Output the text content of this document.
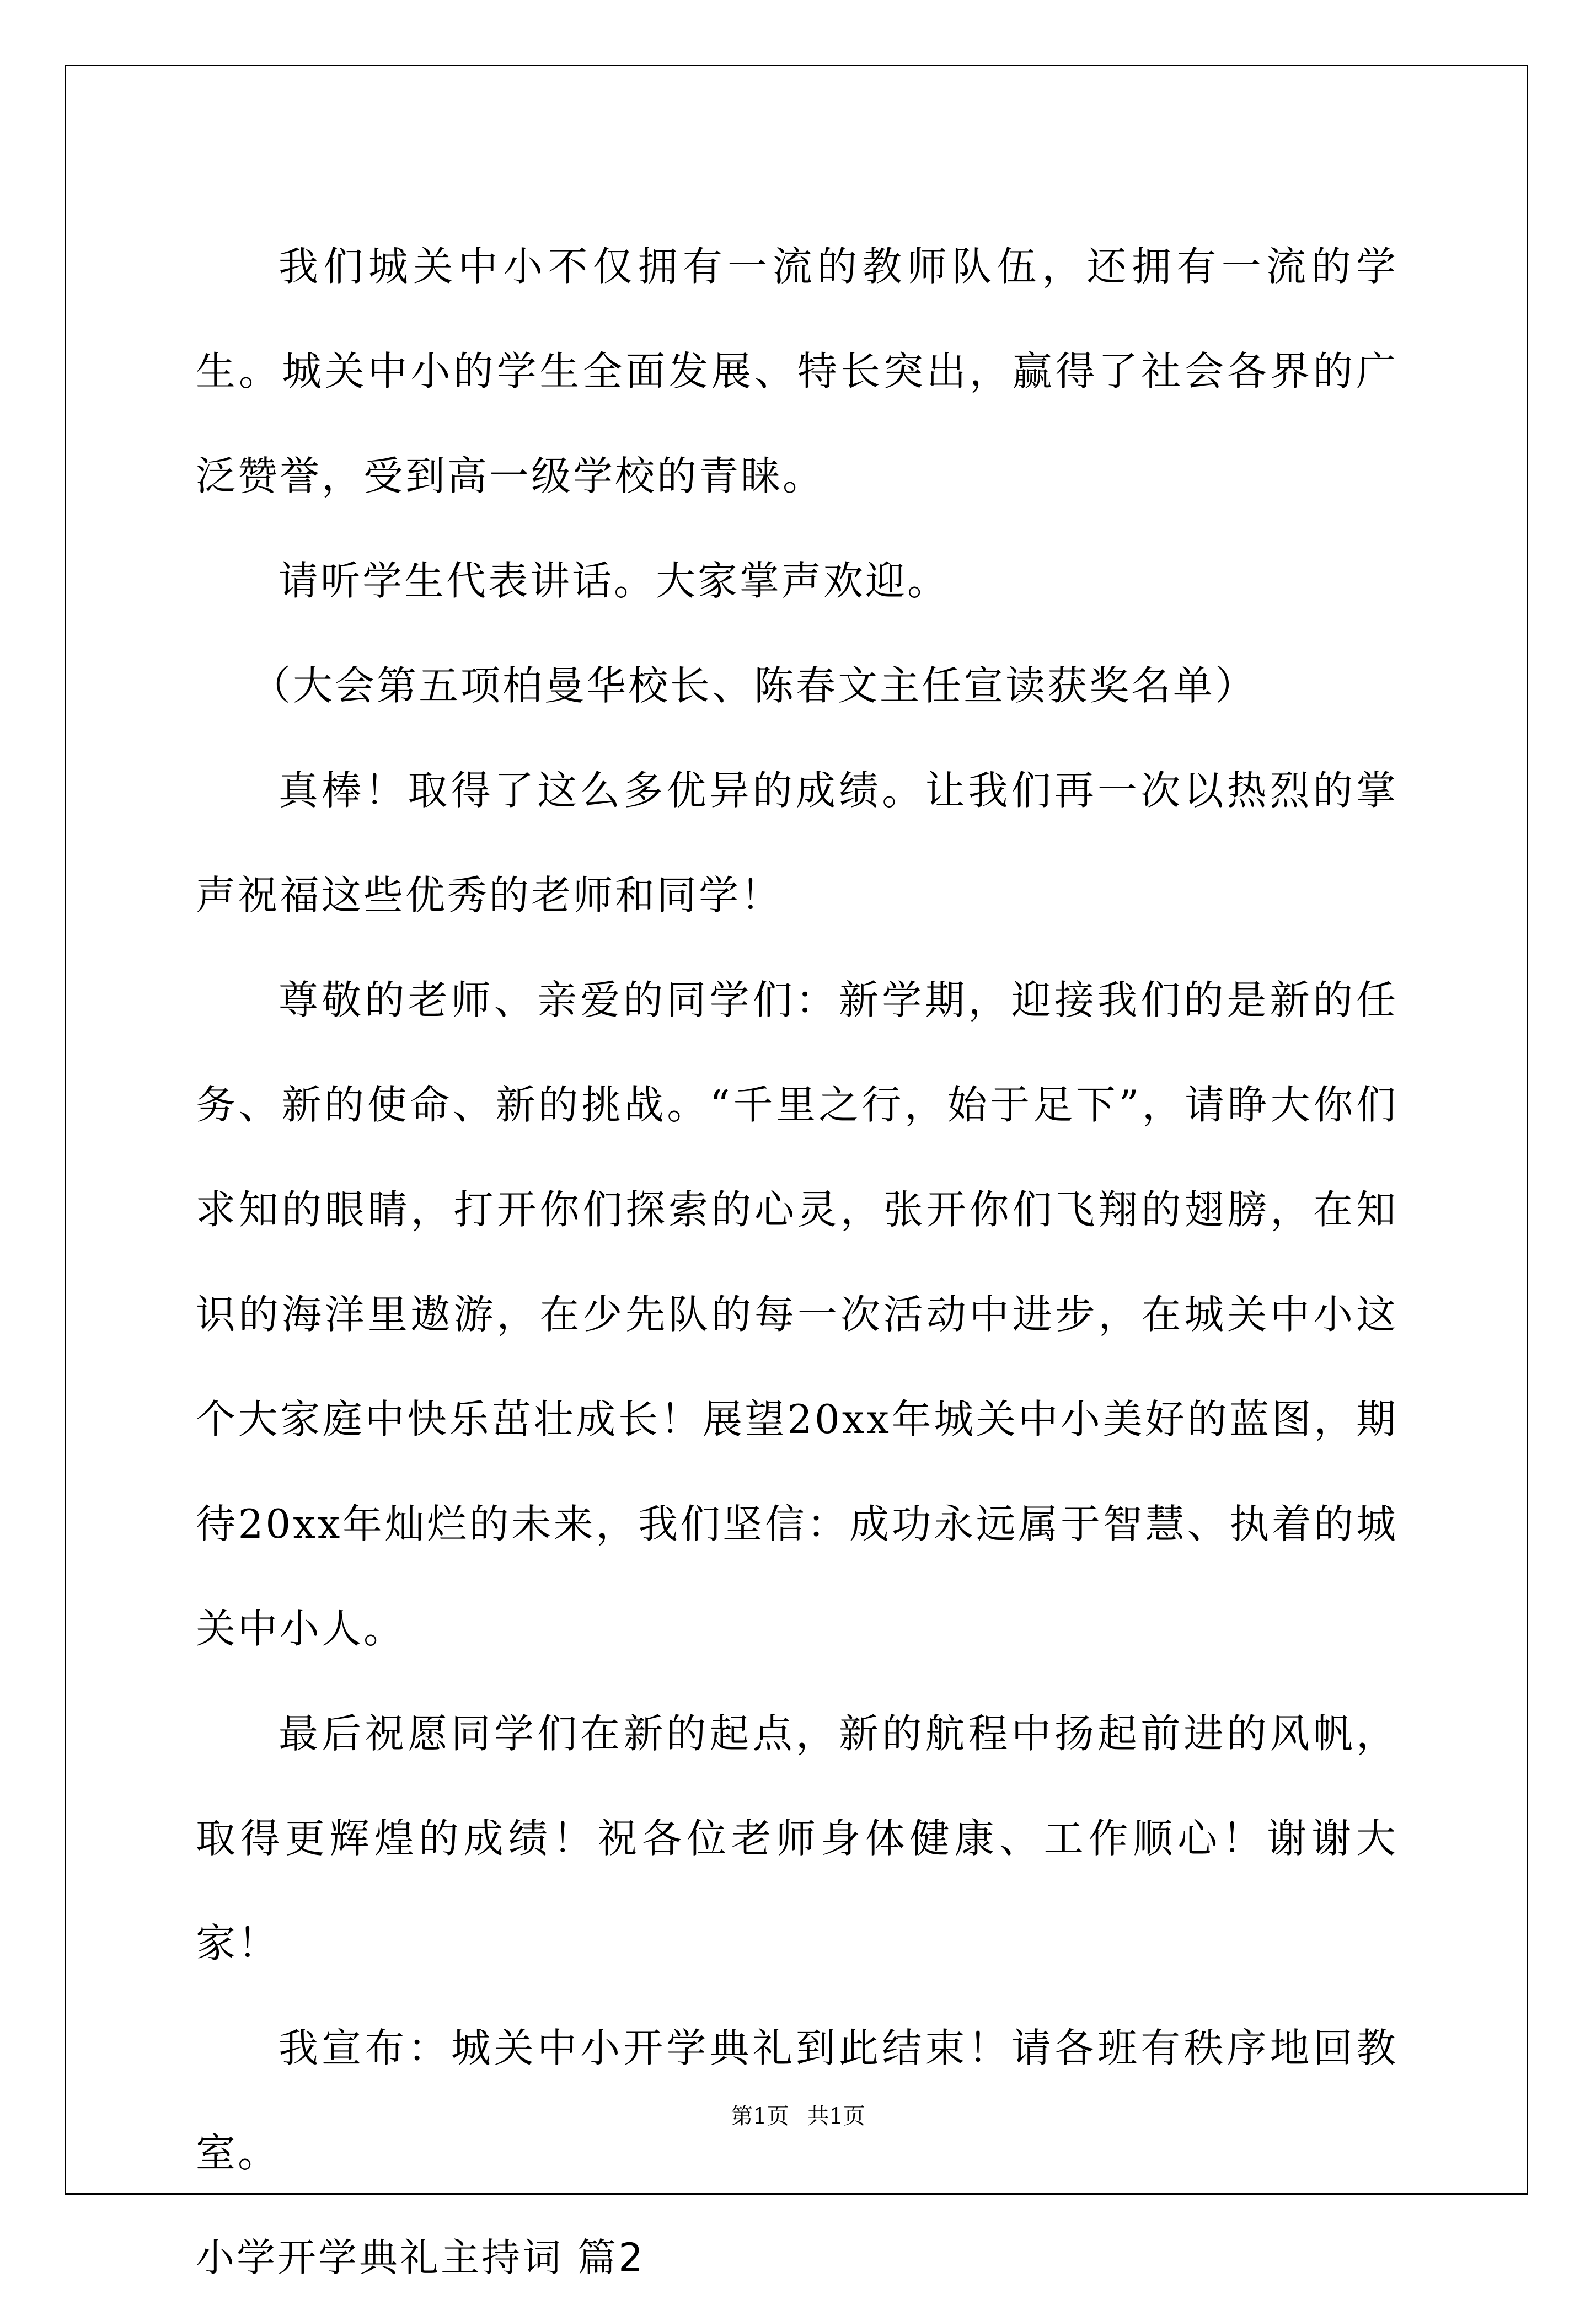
我们城关中小不仅拥有一流的教师队伍，还拥有一流的学生。城关中小的学生全面发展、特长突出，赢得了社会各界的广泛赞誉，受到高一级学校的青睐。

请听学生代表讲话。大家掌声欢迎。

（大会第五项柏曼华校长、陈春文主任宣读获奖名单）

真棒！取得了这么多优异的成绩。让我们再一次以热烈的掌声祝福这些优秀的老师和同学！

尊敬的老师、亲爱的同学们：新学期，迎接我们的是新的任务、新的使命、新的挑战。“千里之行，始于足下”，请睁大你们求知的眼睛，打开你们探索的心灵，张开你们飞翔的翅膀，在知识的海洋里遨游，在少先队的每一次活动中进步，在城关中小这个大家庭中快乐茁壮成长！展望20xx年城关中小美好的蓝图，期待20xx年灿烂的未来，我们坚信：成功永远属于智慧、执着的城关中小人。

最后祝愿同学们在新的起点，新的航程中扬起前进的风帆，取得更辉煌的成绩！祝各位老师身体健康、工作顺心！谢谢大家！

我宣布：城关中小开学典礼到此结束！请各班有秩序地回教室。

小学开学典礼主持词 篇2

第1页 共1页
